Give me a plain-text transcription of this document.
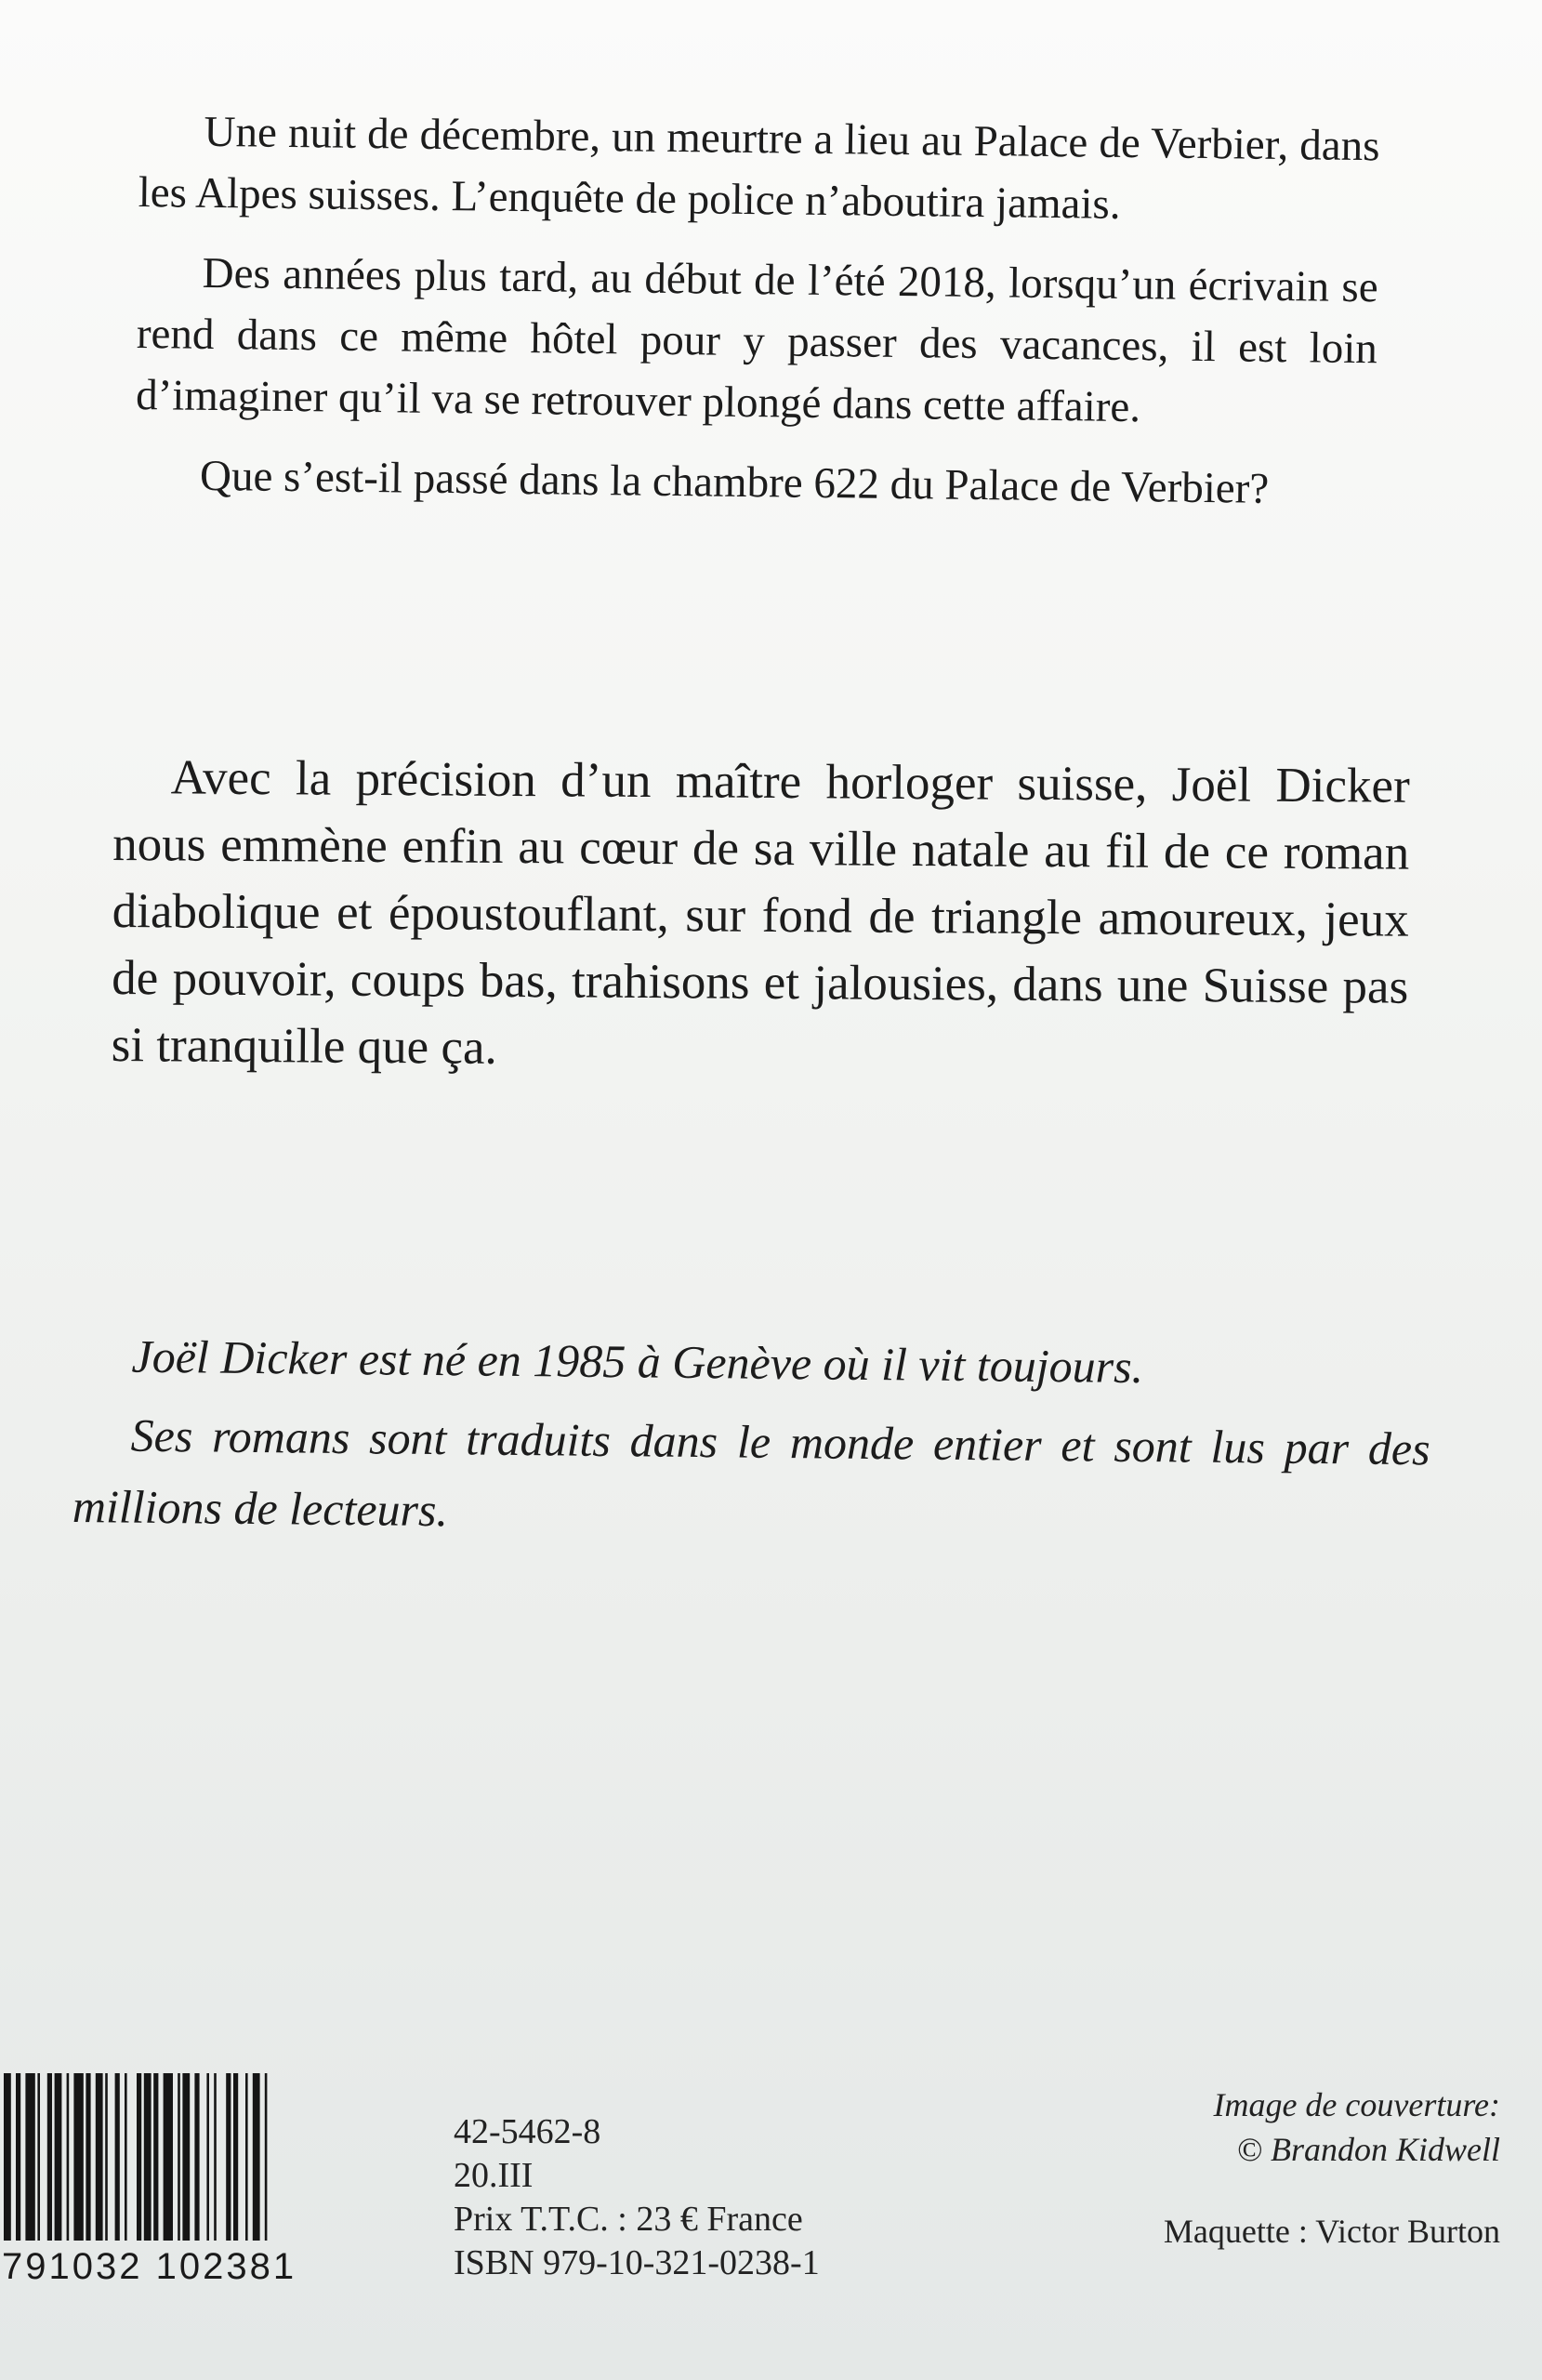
Une nuit de décembre, un meurtre a lieu au Palace de Verbier, dans les Alpes suisses. L’enquête de police n’aboutira jamais.

Des années plus tard, au début de l’été 2018, lorsqu’un écrivain se rend dans ce même hôtel pour y passer des vacances, il est loin d’imaginer qu’il va se retrouver plongé dans cette affaire.

Que s’est-il passé dans la chambre 622 du Palace de Verbier?

Avec la précision d’un maître horloger suisse, Joël Dicker nous emmène enfin au cœur de sa ville natale au fil de ce roman diabolique et époustouflant, sur fond de triangle amoureux, jeux de pouvoir, coups bas, trahisons et jalousies, dans une Suisse pas si tranquille que ça.

Joël Dicker est né en 1985 à Genève où il vit toujours.

Ses romans sont traduits dans le monde entier et sont lus par des millions de lecteurs.

791032 102381
42-5462-8
20.III
Prix T.T.C. : 23 € France
ISBN 979-10-321-0238-1
Image de couverture:
© Brandon Kidwell
Maquette : Victor Burton
